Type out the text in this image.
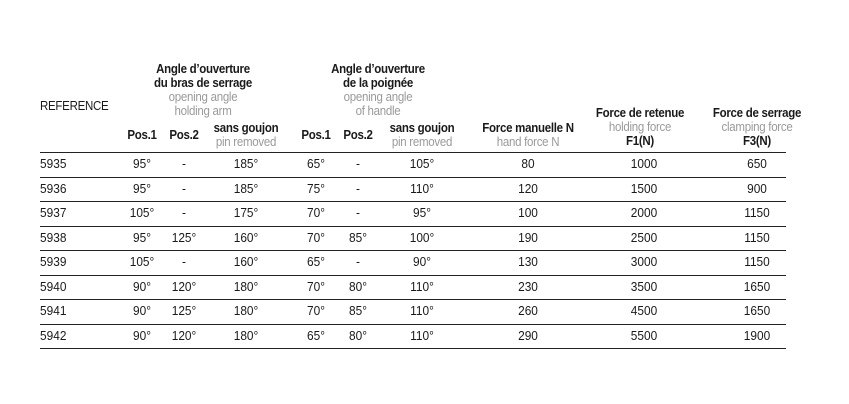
REFERENCE
Angle d’ouverture
du bras de serrage
opening angle
holding arm
Angle d’ouverture
de la poignée
opening angle
of handle
Pos.1	Pos.2	sans goujon
pin removed	Pos.1	Pos.2	sans goujon
pin removed
Force manuelle N
hand force N
Force de retenue
holding force
F1(N)
Force de serrage
clamping force
F3(N)
5935	95°	-	185°	65°	-	105°	80	1000	650
5936	95°	-	185°	75°	-	110°	120	1500	900
5937	105°	-	175°	70°	-	95°	100	2000	1150
5938	95°	125°	160°	70°	85°	100°	190	2500	1150
5939	105°	-	160°	65°	-	90°	130	3000	1150
5940	90°	120°	180°	70°	80°	110°	230	3500	1650
5941	90°	125°	180°	70°	85°	110°	260	4500	1650
5942	90°	120°	180°	65°	80°	110°	290	5500	1900
